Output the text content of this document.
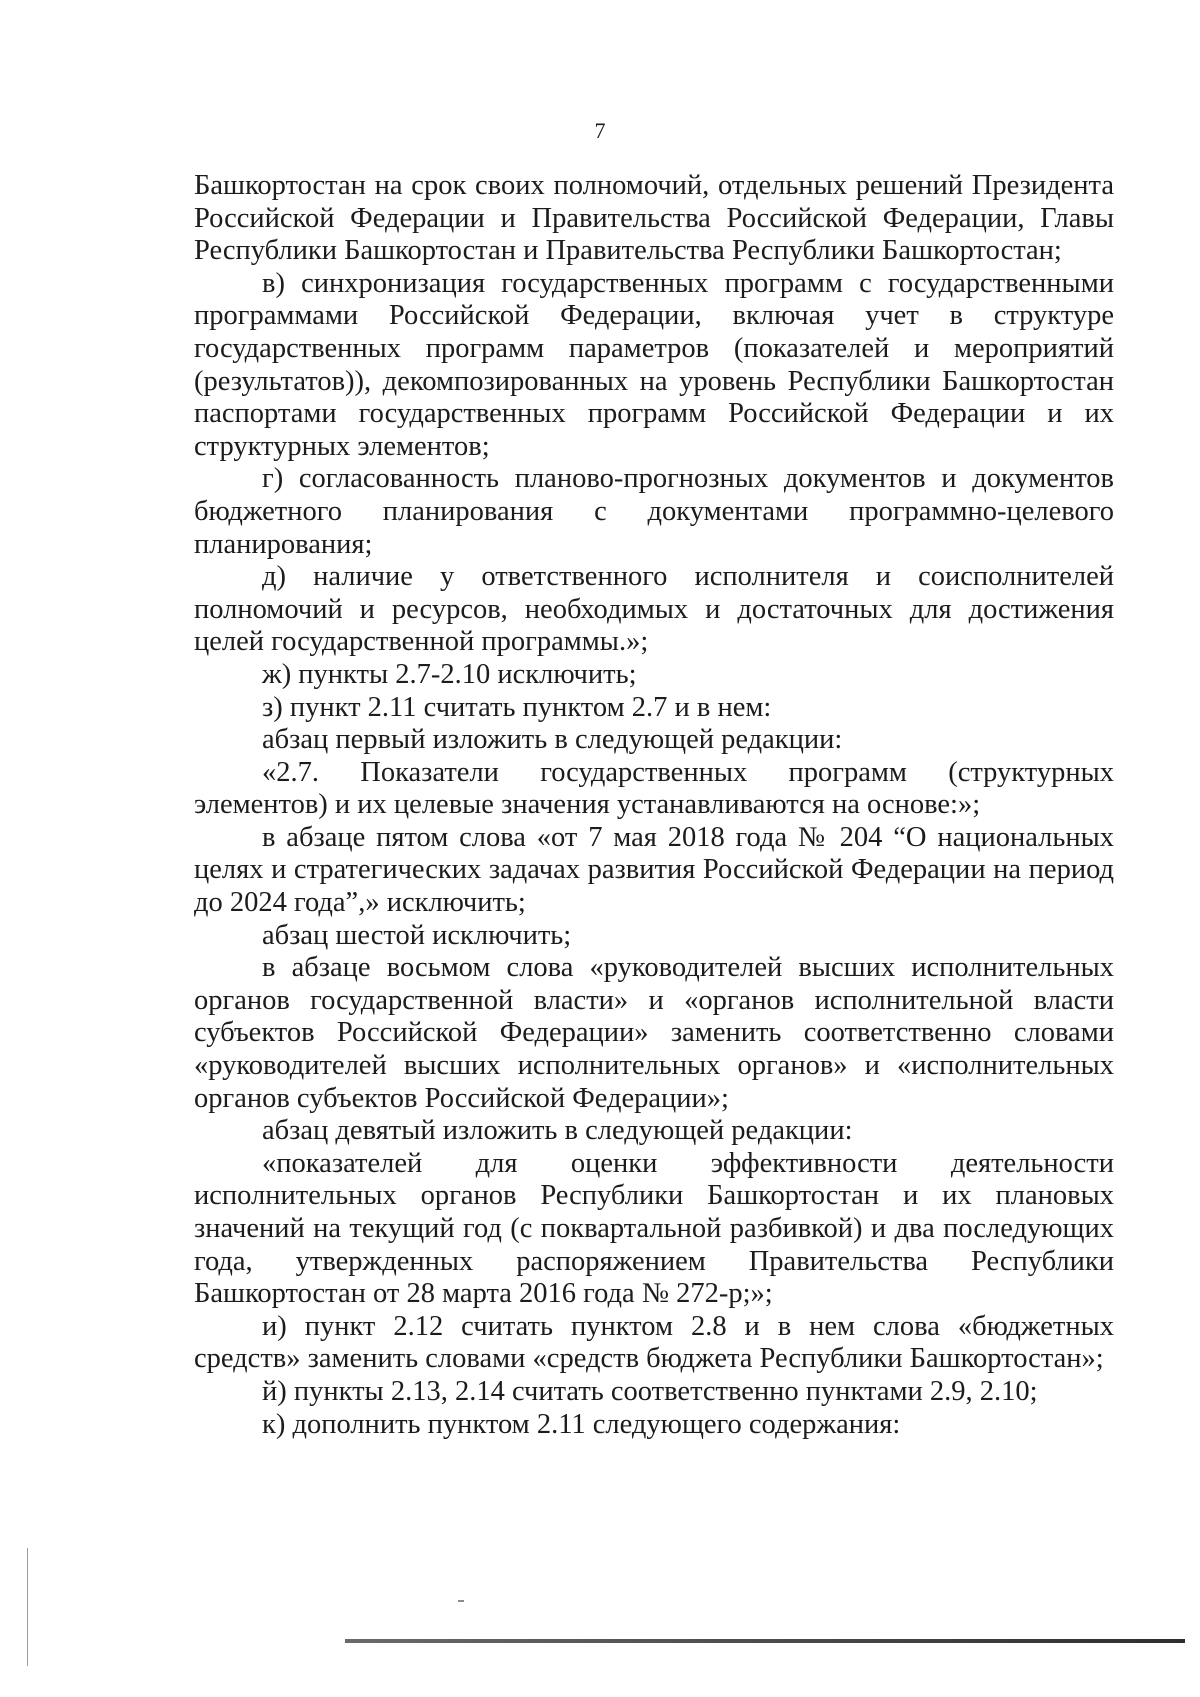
7

Башкортостан на срок своих полномочий, отдельных решений Президента Российской Федерации и Правительства Российской Федерации, Главы Республики Башкортостан и Правительства Республики Башкортостан;

в) синхронизация государственных программ с государственными программами Российской Федерации, включая учет в структуре государственных программ параметров (показателей и мероприятий (результатов)), декомпозированных на уровень Республики Башкортостан паспортами государственных программ Российской Федерации и их структурных элементов;

г) согласованность планово-прогнозных документов и документов бюджетного планирования с документами программно-целевого планирования;

д) наличие у ответственного исполнителя и соисполнителей полномочий и ресурсов, необходимых и достаточных для достижения целей государственной программы.»;

ж) пункты 2.7-2.10 исключить;

з) пункт 2.11 считать пунктом 2.7 и в нем:

абзац первый изложить в следующей редакции:

«2.7. Показатели государственных программ (структурных элементов) и их целевые значения устанавливаются на основе:»;

в абзаце пятом слова «от 7 мая 2018 года № 204 “О национальных целях и стратегических задачах развития Российской Федерации на период до 2024 года”,» исключить;

абзац шестой исключить;

в абзаце восьмом слова «руководителей высших исполнительных органов государственной власти» и «органов исполнительной власти субъектов Российской Федерации» заменить соответственно словами «руководителей высших исполнительных органов» и «исполнительных органов субъектов Российской Федерации»;

абзац девятый изложить в следующей редакции:

«показателей для оценки эффективности деятельности исполнительных органов Республики Башкортостан и их плановых значений на текущий год (с поквартальной разбивкой) и два последующих года, утвержденных распоряжением Правительства Республики Башкортостан от 28 марта 2016 года № 272-р;»;

и) пункт 2.12 считать пунктом 2.8 и в нем слова «бюджетных средств» заменить словами «средств бюджета Республики Башкортостан»;

й) пункты 2.13, 2.14 считать соответственно пунктами 2.9, 2.10;

к) дополнить пунктом 2.11 следующего содержания:
